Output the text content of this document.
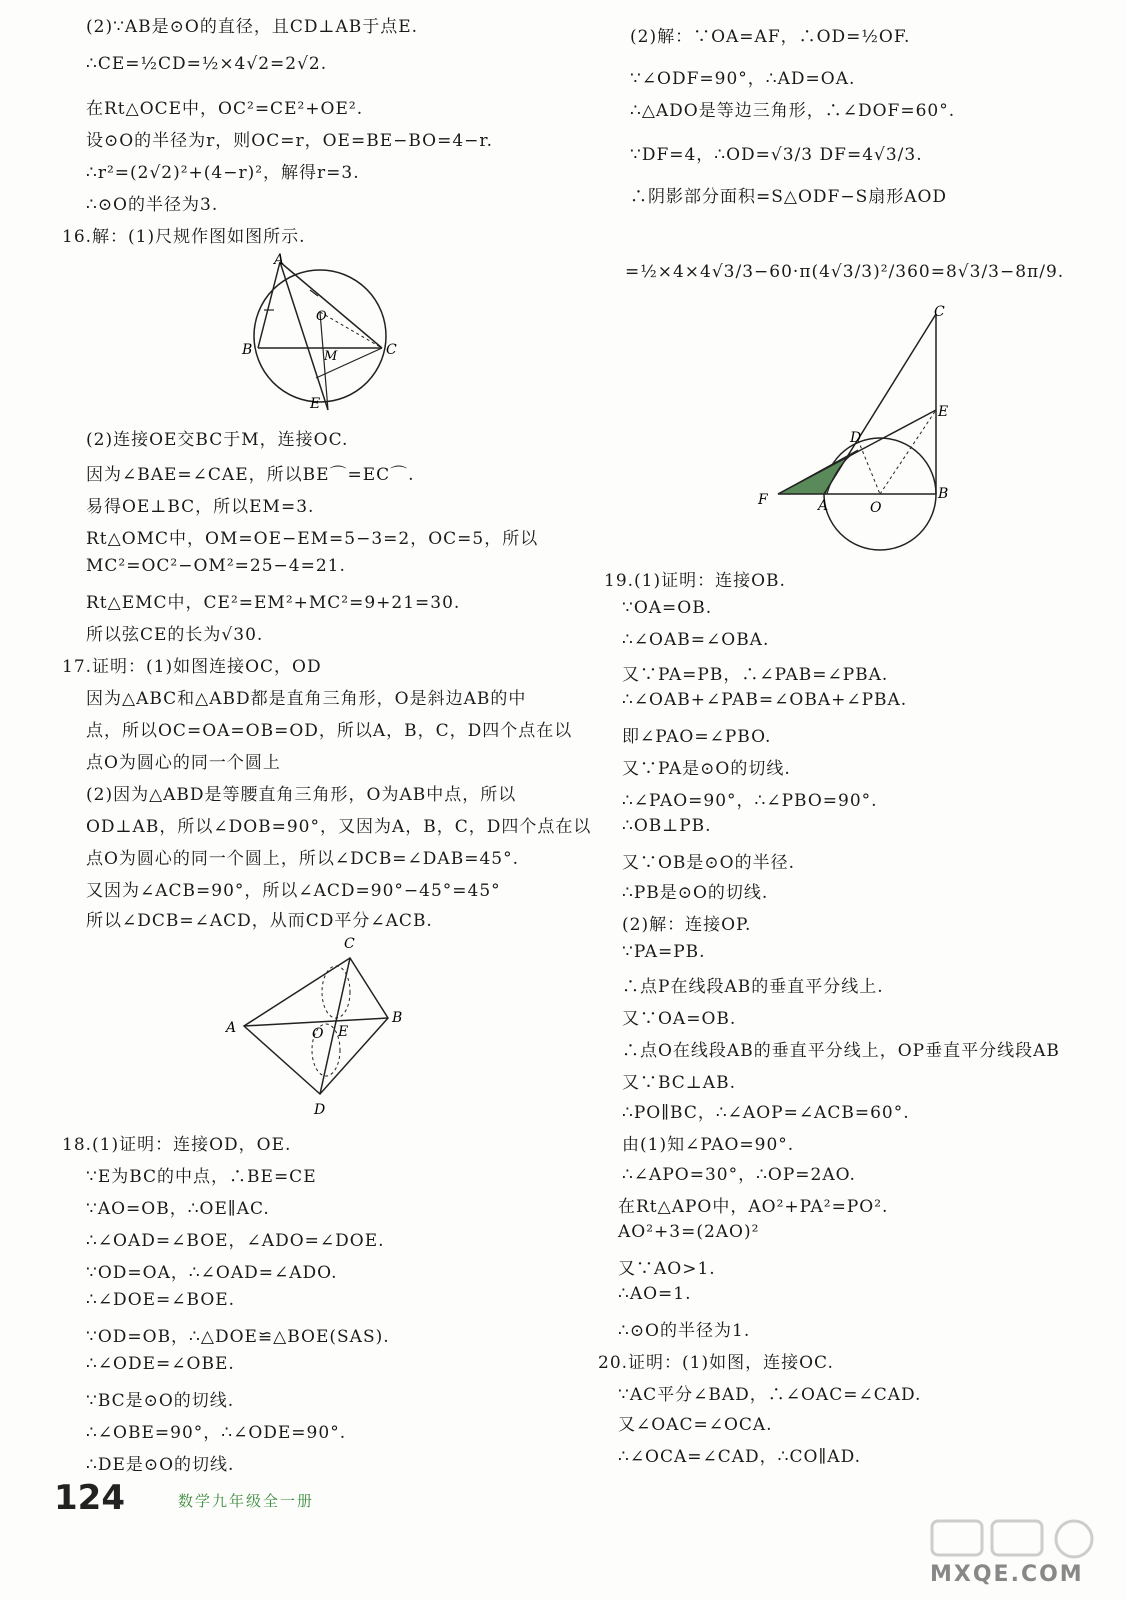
(2)∵AB是⊙O的直径，且CD⊥AB于点E.
∴CE=½CD=½×4√2=2√2.
在Rt△OCE中，OC²=CE²+OE².
设⊙O的半径为r，则OC=r，OE=BE−BO=4−r.
∴r²=(2√2)²+(4−r)²，解得r=3.
∴⊙O的半径为3.
16.解：(1)尺规作图如图所示.
(2)连接OE交BC于M，连接OC.
因为∠BAE=∠CAE，所以BE⌒=EC⌒.
易得OE⊥BC，所以EM=3.
Rt△OMC中，OM=OE−EM=5−3=2，OC=5，所以
MC²=OC²−OM²=25−4=21.
Rt△EMC中，CE²=EM²+MC²=9+21=30.
所以弦CE的长为√30.
17.证明：(1)如图连接OC，OD
因为△ABC和△ABD都是直角三角形，O是斜边AB的中
点，所以OC=OA=OB=OD，所以A，B，C，D四个点在以
点O为圆心的同一个圆上
(2)因为△ABD是等腰直角三角形，O为AB中点，所以
OD⊥AB，所以∠DOB=90°，又因为A，B，C，D四个点在以
点O为圆心的同一个圆上，所以∠DCB=∠DAB=45°.
又因为∠ACB=90°，所以∠ACD=90°−45°=45°
所以∠DCB=∠ACD，从而CD平分∠ACB.
18.(1)证明：连接OD，OE.
∵E为BC的中点，∴BE=CE
∵AO=OB，∴OE∥AC.
∴∠OAD=∠BOE，∠ADO=∠DOE.
∵OD=OA，∴∠OAD=∠ADO.
∴∠DOE=∠BOE.
∵OD=OB，∴△DOE≌△BOE(SAS).
∴∠ODE=∠OBE.
∵BC是⊙O的切线.
∴∠OBE=90°，∴∠ODE=90°.
∴DE是⊙O的切线.
(2)解：∵OA=AF，∴OD=½OF.
∵∠ODF=90°，∴AD=OA.
∴△ADO是等边三角形，∴∠DOF=60°.
∵DF=4，∴OD=√3/3 DF=4√3/3.
∴阴影部分面积=S△ODF−S扇形AOD
=½×4×4√3/3−60·π(4√3/3)²/360=8√3/3−8π/9.
19.(1)证明：连接OB.
∵OA=OB.
∴∠OAB=∠OBA.
又∵PA=PB，∴∠PAB=∠PBA.
∴∠OAB+∠PAB=∠OBA+∠PBA.
即∠PAO=∠PBO.
又∵PA是⊙O的切线.
∴∠PAO=90°，∴∠PBO=90°.
∴OB⊥PB.
又∵OB是⊙O的半径.
∴PB是⊙O的切线.
(2)解：连接OP.
∵PA=PB.
∴点P在线段AB的垂直平分线上.
又∵OA=OB.
∴点O在线段AB的垂直平分线上，OP垂直平分线段AB
又∵BC⊥AB.
∴PO∥BC，∴∠AOP=∠ACB=60°.
由(1)知∠PAO=90°.
∴∠APO=30°，∴OP=2AO.
在Rt△APO中，AO²+PA²=PO².
AO²+3=(2AO)²
又∵AO>1.
∴AO=1.
∴⊙O的半径为1.
20.证明：(1)如图，连接OC.
∵AC平分∠BAD，∴∠OAC=∠CAD.
又∠OAC=∠OCA.
∴∠OCA=∠CAD，∴CO∥AD.
A
B	C
O
M
E
C
A
B
O E
D
C
E
D
F	A	O
B
124	数学九年级全一册
MXQE.COM
